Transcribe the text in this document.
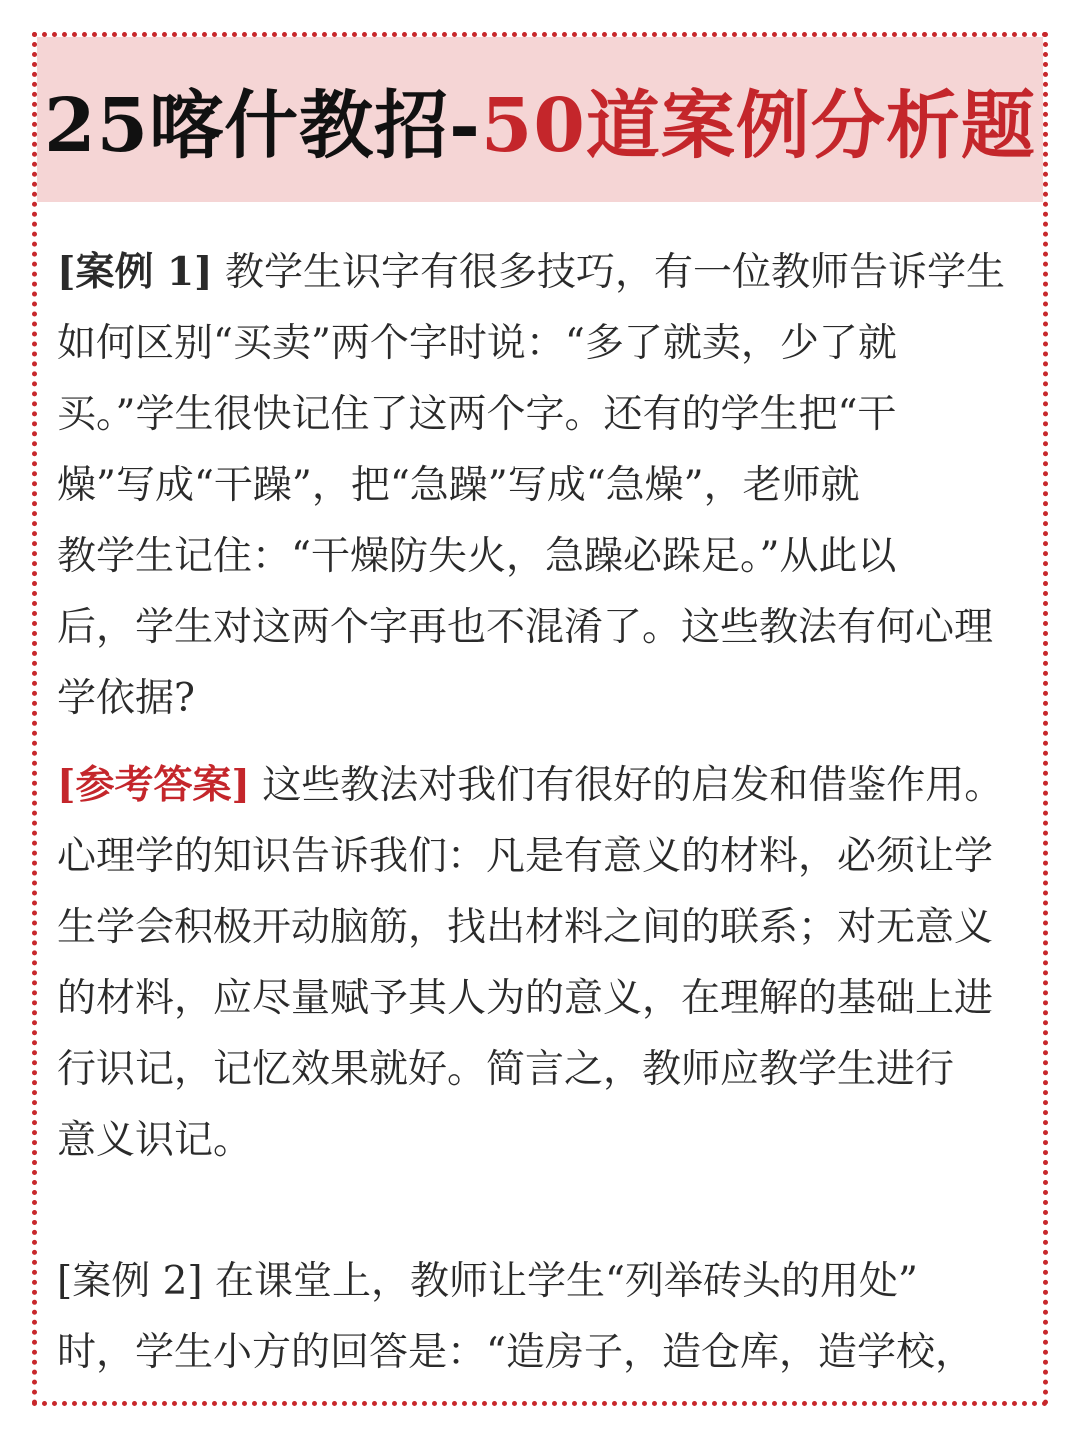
25喀什教招-50道案例分析题
[案例 1] 教学生识字有很多技巧，有一位教师告诉学生
如何区别“买卖”两个字时说：“多了就卖，少了就
买。”学生很快记住了这两个字。还有的学生把“干
燥”写成“干躁”，把“急躁”写成“急燥”，老师就
教学生记住：“干燥防失火，急躁必跺足。”从此以
后，学生对这两个字再也不混淆了。这些教法有何心理
学依据?
[参考答案] 这些教法对我们有很好的启发和借鉴作用。
心理学的知识告诉我们：凡是有意义的材料，必须让学
生学会积极开动脑筋，找出材料之间的联系；对无意义
的材料，应尽量赋予其人为的意义，在理解的基础上进
行识记，记忆效果就好。简言之，教师应教学生进行
意义识记。
[案例 2] 在课堂上，教师让学生“列举砖头的用处”
时，学生小方的回答是：“造房子，造仓库，造学校，
